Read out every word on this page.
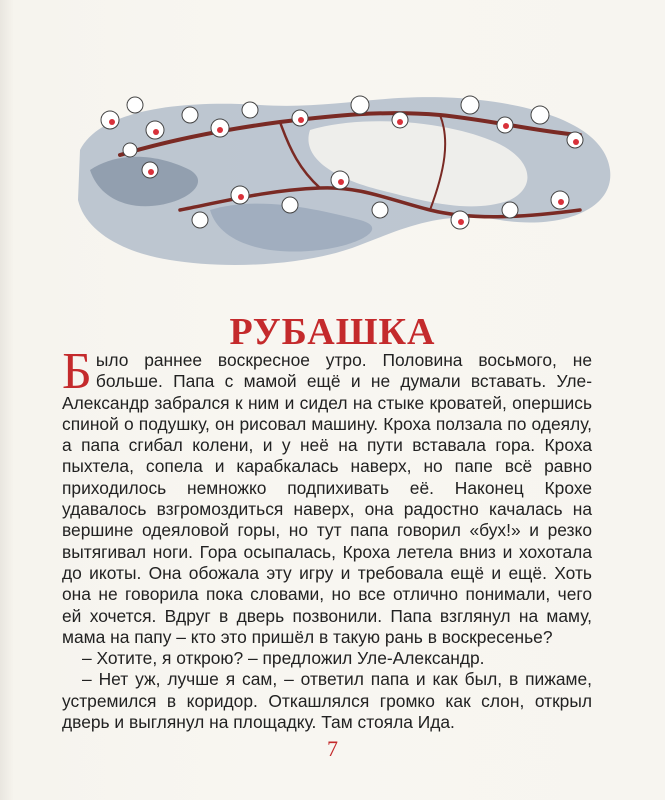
РУБАШКА

Было раннее воскресное утро. Половина восьмого, не больше. Папа с мамой ещё и не думали вставать. Уле-Александр забрался к ним и сидел на стыке кроватей, опершись спиной о подушку, он рисовал машину. Кроха ползала по одеялу, а папа сгибал колени, и у неё на пути вставала гора. Кроха пыхтела, сопела и карабкалась наверх, но папе всё равно приходилось немножко подпихивать её. Наконец Крохе удавалось взгромоздиться наверх, она радостно качалась на вершине одеяловой горы, но тут папа говорил «бух!» и резко вытягивал ноги. Гора осыпалась, Кроха летела вниз и хохотала до икоты. Она обожала эту игру и требовала ещё и ещё. Хоть она не говорила пока словами, но все отлично понимали, чего ей хочется. Вдруг в дверь позвонили. Папа взглянул на маму, мама на папу – кто это пришёл в такую рань в воскресенье?

– Хотите, я открою? – предложил Уле-Александр.

– Нет уж, лучше я сам, – ответил папа и как был, в пижаме, устремился в коридор. Откашлялся громко как слон, открыл дверь и выглянул на площадку. Там стояла Ида.

7
